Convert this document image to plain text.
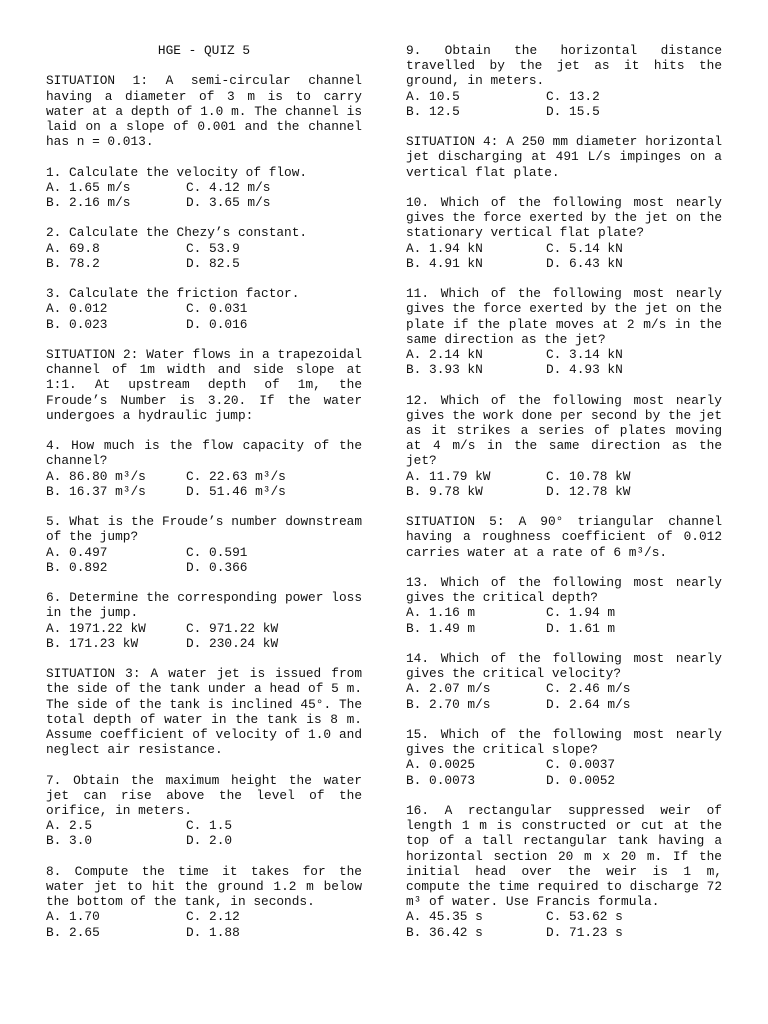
HGE - QUIZ 5
SITUATION 1: A semi-circular channel having a diameter of 3 m is to carry water at a depth of 1.0 m. The channel is laid on a slope of 0.001 and the channel has n = 0.013.
1. Calculate the velocity of flow.
A. 1.65 m/s	C. 4.12 m/s
B. 2.16 m/s	D. 3.65 m/s
2. Calculate the Chezy’s constant.
A. 69.8	C. 53.9
B. 78.2	D. 82.5
3. Calculate the friction factor.
A. 0.012	C. 0.031
B. 0.023	D. 0.016
SITUATION 2: Water flows in a trapezoidal channel of 1m width and side slope at 1:1. At upstream depth of 1m, the Froude’s Number is 3.20. If the water undergoes a hydraulic jump:
4. How much is the flow capacity of the channel?
A. 86.80 m³/s	C. 22.63 m³/s
B. 16.37 m³/s	D. 51.46 m³/s
5. What is the Froude’s number downstream of the jump?
A. 0.497	C. 0.591
B. 0.892	D. 0.366
6. Determine the corresponding power loss in the jump.
A. 1971.22 kW	C. 971.22 kW
B. 171.23 kW	D. 230.24 kW
SITUATION 3: A water jet is issued from the side of the tank under a head of 5 m. The side of the tank is inclined 45°. The total depth of water in the tank is 8 m. Assume coefficient of velocity of 1.0 and neglect air resistance.
7. Obtain the maximum height the water jet can rise above the level of the orifice, in meters.
A. 2.5	C. 1.5
B. 3.0	D. 2.0
8. Compute the time it takes for the water jet to hit the ground 1.2 m below the bottom of the tank, in seconds.
A. 1.70	C. 2.12
B. 2.65	D. 1.88
9. Obtain the horizontal distance travelled by the jet as it hits the ground, in meters.
A. 10.5	C. 13.2
B. 12.5	D. 15.5
SITUATION 4: A 250 mm diameter horizontal jet discharging at 491 L/s impinges on a vertical flat plate.
10. Which of the following most nearly gives the force exerted by the jet on the stationary vertical flat plate?
A. 1.94 kN	C. 5.14 kN
B. 4.91 kN	D. 6.43 kN
11. Which of the following most nearly gives the force exerted by the jet on the plate if the plate moves at 2 m/s in the same direction as the jet?
A. 2.14 kN	C. 3.14 kN
B. 3.93 kN	D. 4.93 kN
12. Which of the following most nearly gives the work done per second by the jet as it strikes a series of plates moving at 4 m/s in the same direction as the jet?
A. 11.79 kW	C. 10.78 kW
B. 9.78 kW	D. 12.78 kW
SITUATION 5: A 90° triangular channel having a roughness coefficient of 0.012 carries water at a rate of 6 m³/s.
13. Which of the following most nearly gives the critical depth?
A. 1.16 m	C. 1.94 m
B. 1.49 m	D. 1.61 m
14. Which of the following most nearly gives the critical velocity?
A. 2.07 m/s	C. 2.46 m/s
B. 2.70 m/s	D. 2.64 m/s
15. Which of the following most nearly gives the critical slope?
A. 0.0025	C. 0.0037
B. 0.0073	D. 0.0052
16. A rectangular suppressed weir of length 1 m is constructed or cut at the top of a tall rectangular tank having a horizontal section 20 m x 20 m. If the initial head over the weir is 1 m, compute the time required to discharge 72 m³ of water. Use Francis formula.
A. 45.35 s	C. 53.62 s
B. 36.42 s	D. 71.23 s
